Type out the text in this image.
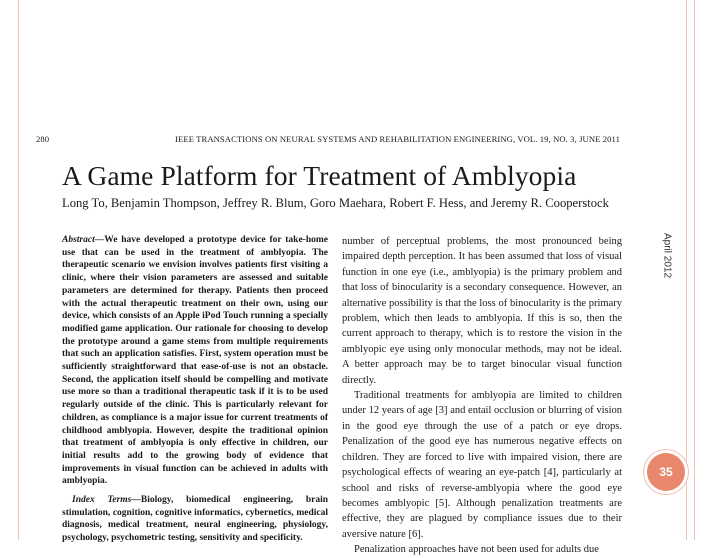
April 2012
35
280	IEEE TRANSACTIONS ON NEURAL SYSTEMS AND REHABILITATION ENGINEERING, VOL. 19, NO. 3, JUNE 2011
A Game Platform for Treatment of Amblyopia
Long To, Benjamin Thompson, Jeffrey R. Blum, Goro Maehara, Robert F. Hess, and Jeremy R. Cooperstock

Abstract—We have developed a prototype device for take-home use that can be used in the treatment of amblyopia. The therapeutic scenario we envision involves patients first visiting a clinic, where their vision parameters are assessed and suitable parameters are determined for therapy. Patients then proceed with the actual therapeutic treatment on their own, using our device, which consists of an Apple iPod Touch running a specially modified game application. Our rationale for choosing to develop the prototype around a game stems from multiple requirements that such an application satisfies. First, system operation must be sufficiently straightforward that ease-of-use is not an obstacle. Second, the application itself should be compelling and motivate use more so than a traditional therapeutic task if it is to be used regularly outside of the clinic. This is particularly relevant for children, as compliance is a major issue for current treatments of childhood amblyopia. However, despite the traditional opinion that treatment of amblyopia is only effective in children, our initial results add to the growing body of evidence that improvements in visual function can be achieved in adults with amblyopia.

Index Terms—Biology, biomedical engineering, brain stimulation, cognition, cognitive informatics, cybernetics, medical diagnosis, medical treatment, neural engineering, physiology, psychology, psychometric testing, sensitivity and specificity.

number of perceptual problems, the most pronounced being impaired depth perception. It has been assumed that loss of visual function in one eye (i.e., amblyopia) is the primary problem and that loss of binocularity is a secondary consequence. However, an alternative possibility is that the loss of binocularity is the primary problem, which then leads to amblyopia. If this is so, then the current approach to therapy, which is to restore the vision in the amblyopic eye using only monocular methods, may not be ideal. A better approach may be to target binocular visual function directly.

Traditional treatments for amblyopia are limited to children under 12 years of age [3] and entail occlusion or blurring of vision in the good eye through the use of a patch or eye drops. Penalization of the good eye has numerous negative effects on children. They are forced to live with impaired vision, there are psychological effects of wearing an eye-patch [4], particularly at school and risks of reverse-amblyopia where the good eye becomes amblyopic [5]. Although penalization treatments are effective, they are plagued by compliance issues due to their aversive nature [6].

Penalization approaches have not been used for adults due
